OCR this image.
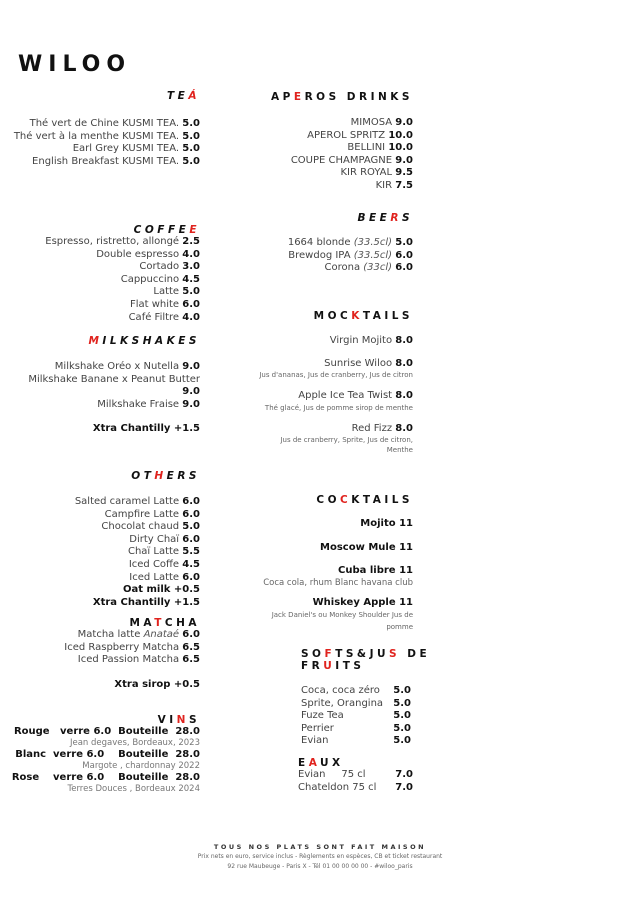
WILOO
TEÁ
Thé vert de Chine KUSMI TEA. 5.0
Thé vert à la menthe KUSMI TEA. 5.0
Earl Grey KUSMI TEA. 5.0
English Breakfast KUSMI TEA. 5.0
COFFEE
Espresso, ristretto, allongé 2.5
Double espresso 4.0
Cortado 3.0
Cappuccino 4.5
Latte 5.0
Flat white 6.0
Café Filtre 4.0
MILKSHAKES
Milkshake Oréo x Nutella 9.0
Milkshake Banane x Peanut Butter
9.0
Milkshake Fraise 9.0
Xtra Chantilly +1.5
OTHERS
Salted caramel Latte 6.0
Campfire Latte 6.0
Chocolat chaud 5.0
Dirty Chaï 6.0
Chaï Latte 5.5
Iced Coffe 4.5
Iced Latte 6.0
Oat milk +0.5
Xtra Chantilly +1.5
MATCHA
Matcha latte Anataé 6.0
Iced Raspberry Matcha 6.5
Iced Passion Matcha 6.5
Xtra sirop +0.5
VINS
Rouge   verre 6.0  Bouteille  28.0
Jean degaves, Bordeaux, 2023
Blanc  verre 6.0    Bouteille  28.0
Margote , chardonnay 2022
Rose    verre 6.0    Bouteille  28.0
Terres Douces , Bordeaux 2024
APEROS DRINKS
MIMOSA 9.0
APEROL SPRITZ 10.0
BELLINI 10.0
COUPE CHAMPAGNE 9.0
KIR ROYAL 9.5
KIR 7.5
BEERS
1664 blonde (33.5cl) 5.0
Brewdog IPA (33.5cl) 6.0
Corona (33cl) 6.0
MOCKTAILS
Virgin Mojito 8.0
Sunrise Wiloo 8.0
Jus d'ananas, Jus de cranberry, Jus de citron
Apple Ice Tea Twist 8.0
Thé glacé, Jus de pomme sirop de menthe
Red Fizz 8.0
Jus de cranberry, Sprite, Jus de citron,
Menthe
COCKTAILS
Mojito 11
Moscow Mule 11
Cuba libre 11
Coca cola, rhum Blanc havana club
Whiskey Apple 11
Jack Daniel's ou Monkey Shoulder Jus de
pomme
SOFTS&JUS DE
FRUITS
Coca, coca zéro 5.0
Sprite, Orangina 5.0
Fuze Tea	5.0
Perrier	5.0
Evian	5.0
EAUX
Evian     75 cl	7.0
Chateldon 75 cl 7.0
TOUS NOS PLATS SONT FAIT MAISON
Prix nets en euro, service inclus - Règlements en espèces, CB et ticket restaurant
92 rue Maubeuge - Paris X - Tél 01 00 00 00 00 - #wiloo_paris
